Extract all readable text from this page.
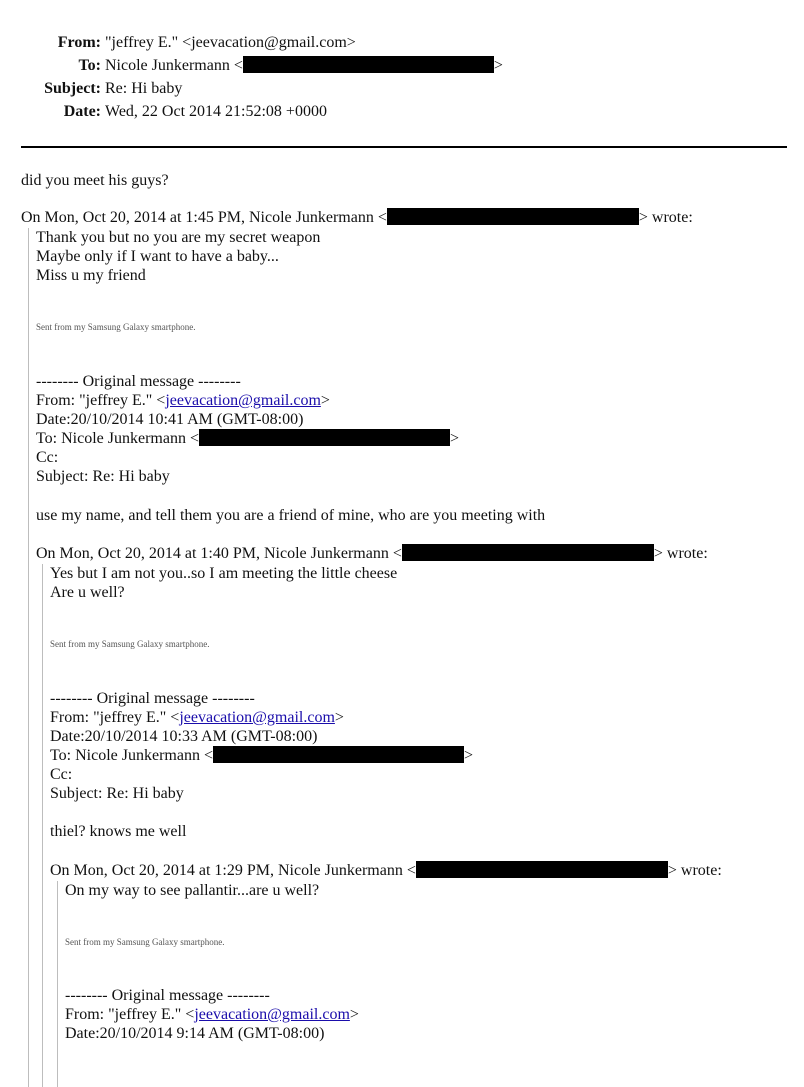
From: "jeffrey E." <jeevacation@gmail.com>
To: Nicole Junkermann <	>
Subject: Re: Hi baby
Date: Wed, 22 Oct 2014 21:52:08 +0000
did you meet his guys?
On Mon, Oct 20, 2014 at 1:45 PM, Nicole Junkermann <	> wrote:
Thank you but no you are my secret weapon
Maybe only if I want to have a baby...
Miss u my friend
Sent from my Samsung Galaxy smartphone.
-------- Original message --------
From: "jeffrey E." <jeevacation@gmail.com>
Date:20/10/2014 10:41 AM (GMT-08:00)
To: Nicole Junkermann <	>
Cc:
Subject: Re: Hi baby
use my name, and tell them you are a friend of mine, who are you meeting with
On Mon, Oct 20, 2014 at 1:40 PM, Nicole Junkermann <	> wrote:
Yes but I am not you..so I am meeting the little cheese
Are u well?
Sent from my Samsung Galaxy smartphone.
-------- Original message --------
From: "jeffrey E." <jeevacation@gmail.com>
Date:20/10/2014 10:33 AM (GMT-08:00)
To: Nicole Junkermann <	>
Cc:
Subject: Re: Hi baby
thiel? knows me well
On Mon, Oct 20, 2014 at 1:29 PM, Nicole Junkermann <	> wrote:
On my way to see pallantir...are u well?
Sent from my Samsung Galaxy smartphone.
-------- Original message --------
From: "jeffrey E." <jeevacation@gmail.com>
Date:20/10/2014 9:14 AM (GMT-08:00)
